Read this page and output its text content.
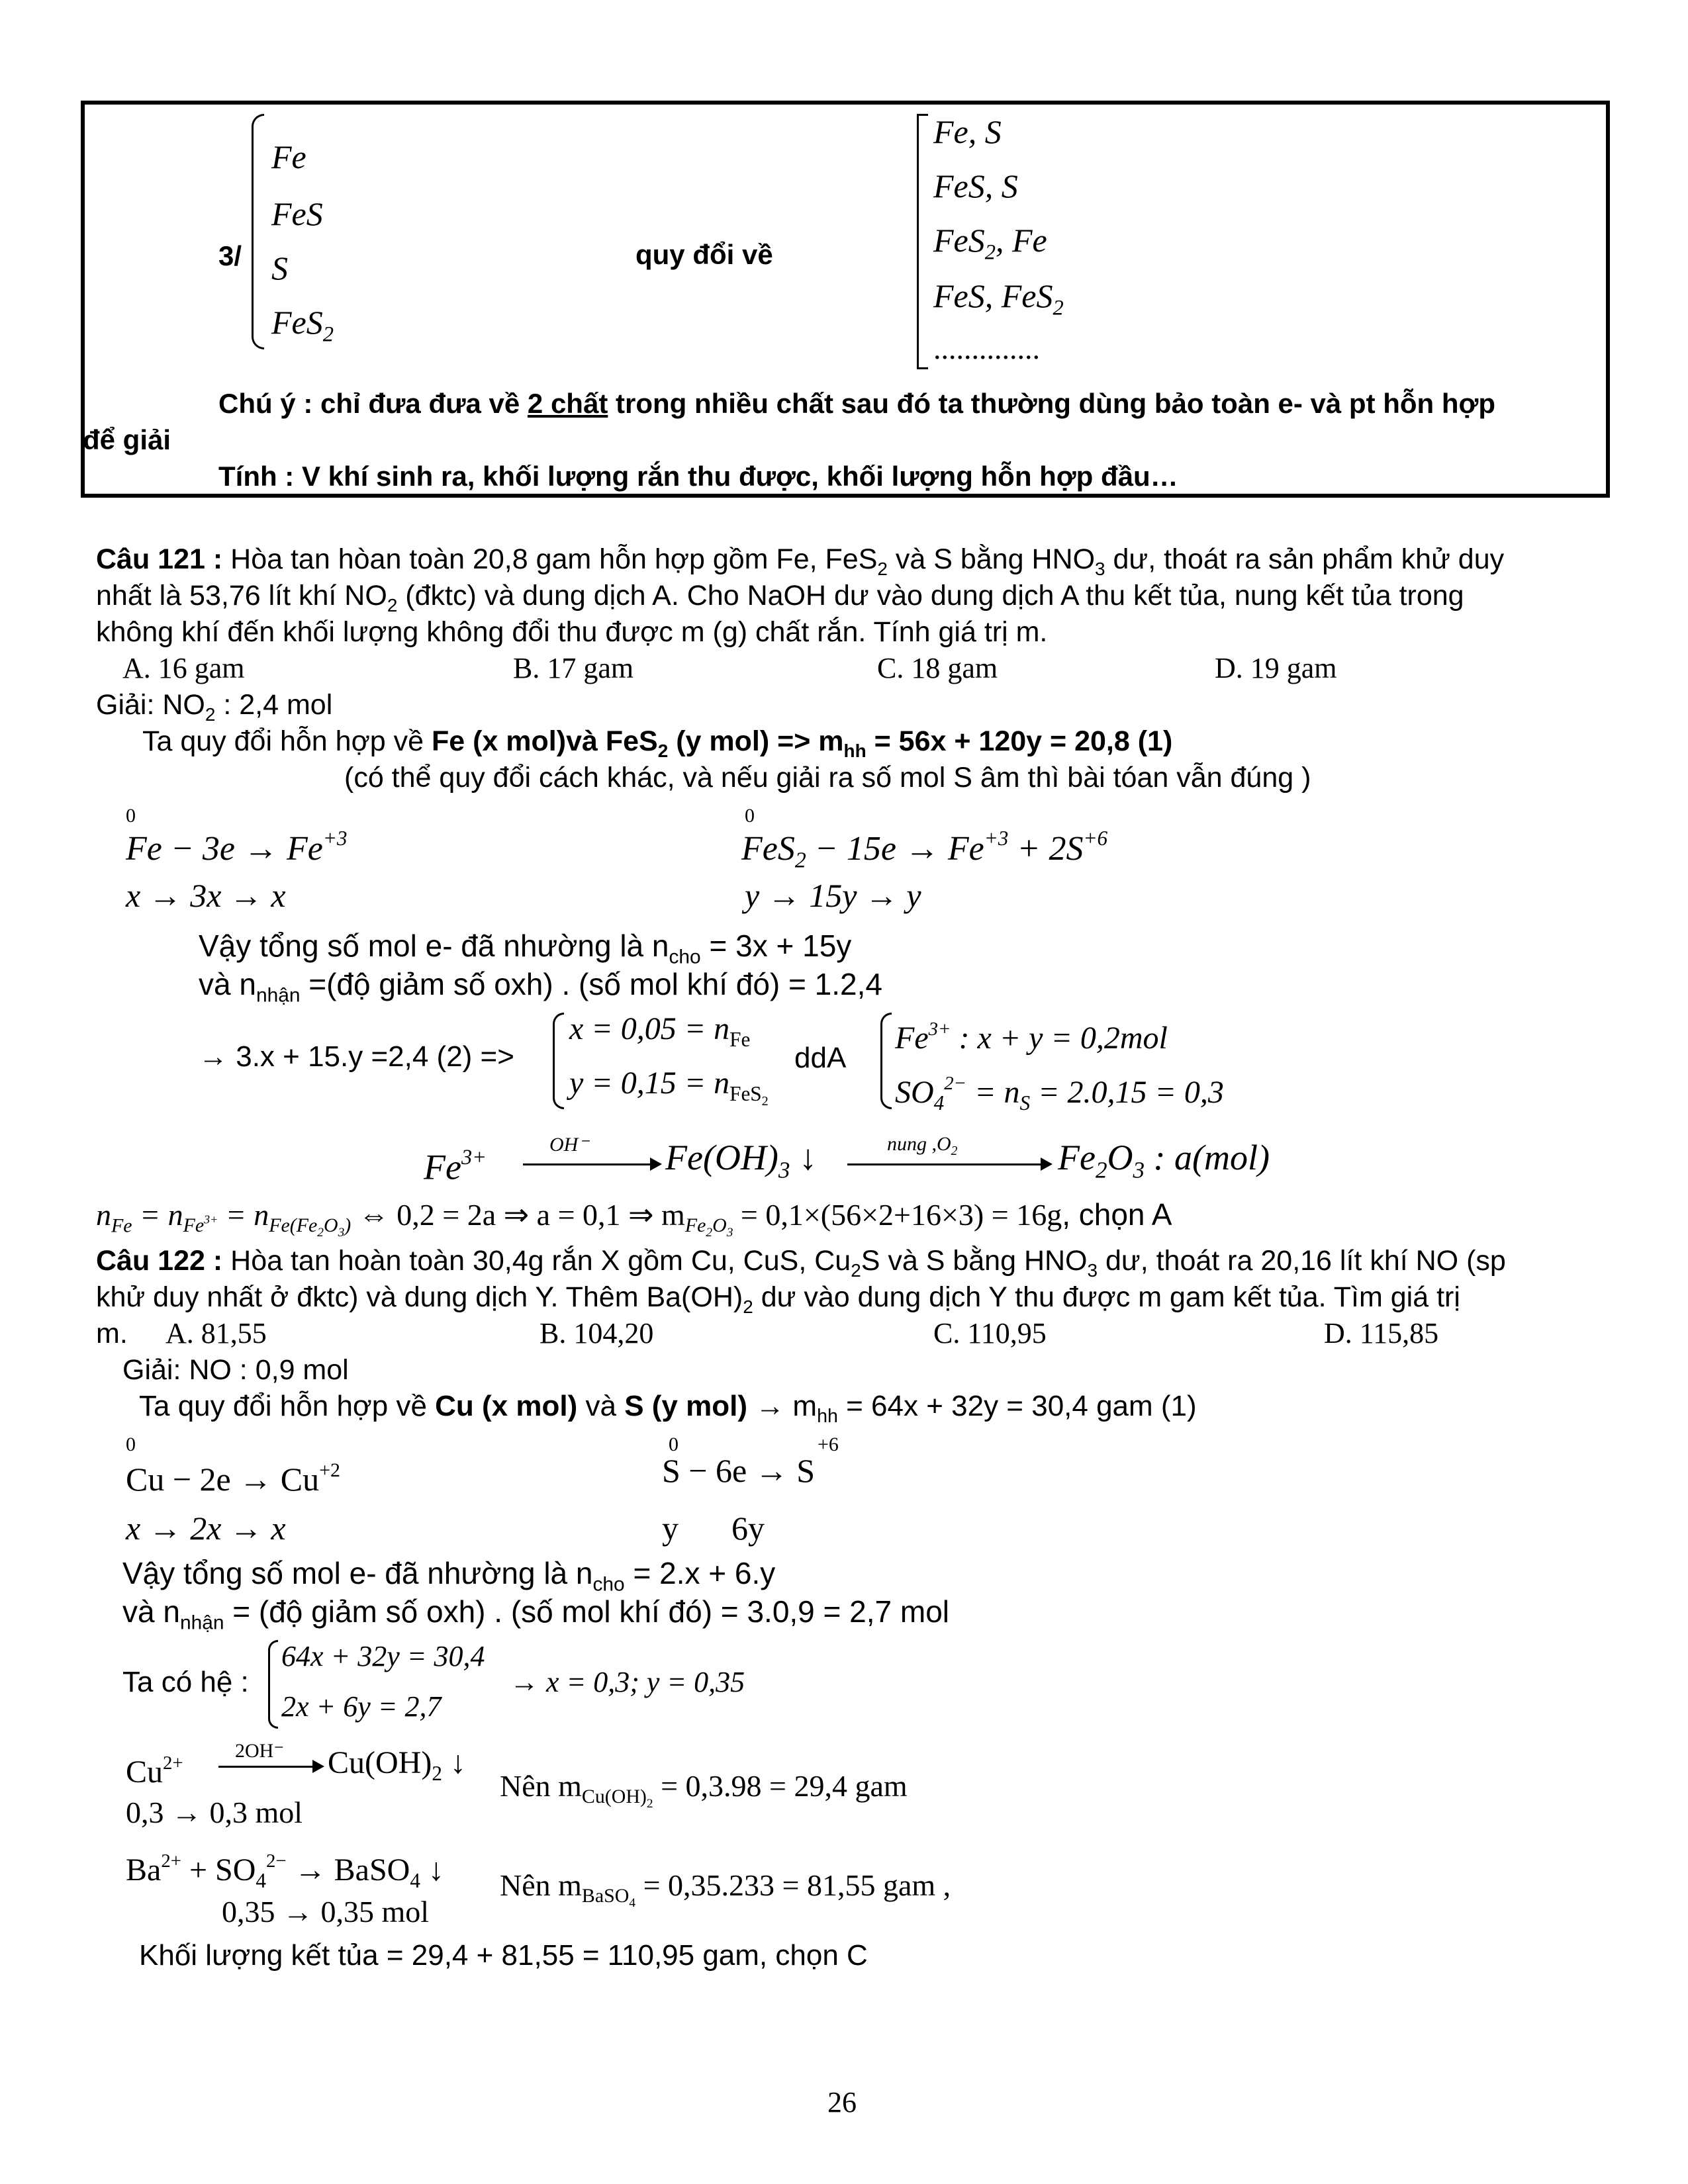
3/
Fe
FeS
S
FeS$_2$
quy đổi về
Fe, S
FeS, S
FeS$_2$, Fe
FeS, FeS$_2$
..............
Chú ý : chỉ đưa đưa về 2 chất trong nhiều chất sau đó ta thường dùng bảo toàn e- và pt hỗn hợp
để giải
Tính : V khí sinh ra, khối lượng rắn thu được, khối lượng hỗn hợp đầu…
Câu 121 : Hòa tan hòan toàn 20,8 gam hỗn hợp gồm Fe, FeS$_2$ và S bằng $HNO_3$ dư, thoát ra sản phẩm khử duy
nhất là 53,76 lít khí $NO_2$ (đktc) và dung dịch A. Cho NaOH dư vào dung dịch A thu kết tủa, nung kết tủa trong
không khí đến khối lượng không đổi thu được m (g) chất rắn. Tính giá trị m.
A. 16 gam	B. 17 gam	C. 18 gam	D. 19 gam
Giải: $NO_2$ : 2,4 mol
Ta quy đổi hỗn hợp về Fe (x mol)và FeS$_2$ (y $mol) => m_{hh} = 56x + 120y = 20,8$ (1)
(có thể quy đổi cách khác, và nếu giải ra số mol S âm thì bài tóan vẫn đúng )
0
$Fe - 3e \to Fe^{+3}$
x → 3x → x
0
$FeS_2 - 15e \to Fe^{+3} + 2S^{+6}$
y → 15y → y
Vậy tổng số mol e- đã nhường là $n_{cho} = 3x + 15y$
và $n_{nhận}$ =(độ giảm số oxh) . (số mol khí đó) = 1.2,4
→ 3.x + 15.y =2,4 (2) =>
$x = 0,05 = n_{Fe}$
$y = 0,15 = n_{FeS_2}$
ddA
$Fe^{3+}$ : x + y = 0,2mol
$SO_4^{2-} = n_S = 2.0,15 = 0,3$
$Fe^{3+}$
OH⁻ $Fe(OH)_3$ ↓	nung $,O_2$	$Fe_2O_3$ : a(mol)
$n_{Fe} = n_{Fe^{3+}} = n_{Fe(Fe_2O_3)}$ ⇔ 0,2 = 2a ⇒ a = 0,1 ⇒ $m_{Fe_2O_3} = 0,1\times(56\times 2+16\times 3) = 16g$, chọn A
Câu 122 : Hòa tan hoàn toàn 30,4g rắn X gồm Cu, CuS, $Cu_2S$ và S bằng $HNO_3$ dư, thoát ra 20,16 lít khí NO (sp
khử duy nhất ở đktc) và dung dịch Y. Thêm $Ba(OH)_2$ dư vào dung dịch Y thu được m gam kết tủa. Tìm giá trị
m. A. 81,55	B. 104,20	C. 110,95	D. 115,85
Giải: NO : 0,9 mol
Ta quy đổi hỗn hợp về Cu (x mol) và S (y $mol) \to m_{hh} = 64x + 32y = 30,4$ gam (1)
0
$Cu - 2e \to Cu^{+2}$
x → 2x → x
0	+6
S − 6e → S
y 6y
Vậy tổng số mol e- đã nhường là $n_{cho} = 2.x + 6.y$
và $n_{nhận}$ = (độ giảm số oxh) . (số mol khí đó) = 3.0,9 = 2,7 mol
Ta có hệ :
64x + 32y = 30,4
2x + 6y = 2,7
→ x = 0,3; y = 0,35
$Cu^{2+}$
2OH⁻ $Cu(OH)_2$ ↓
0,3 → 0,3 mol
Nên $m_{Cu(OH)_2} = 0,3.98 = 29,4$ gam
$Ba^{2+} + SO_4^{2-}$ → BaSO$_4$ ↓
0,35 → 0,35 mol
Nên $m_{BaSO_4} = 0,35.233 = 81,55$ gam ,
Khối lượng kết tủa = 29,4 + 81,55 = 110,95 gam, chọn C
26
